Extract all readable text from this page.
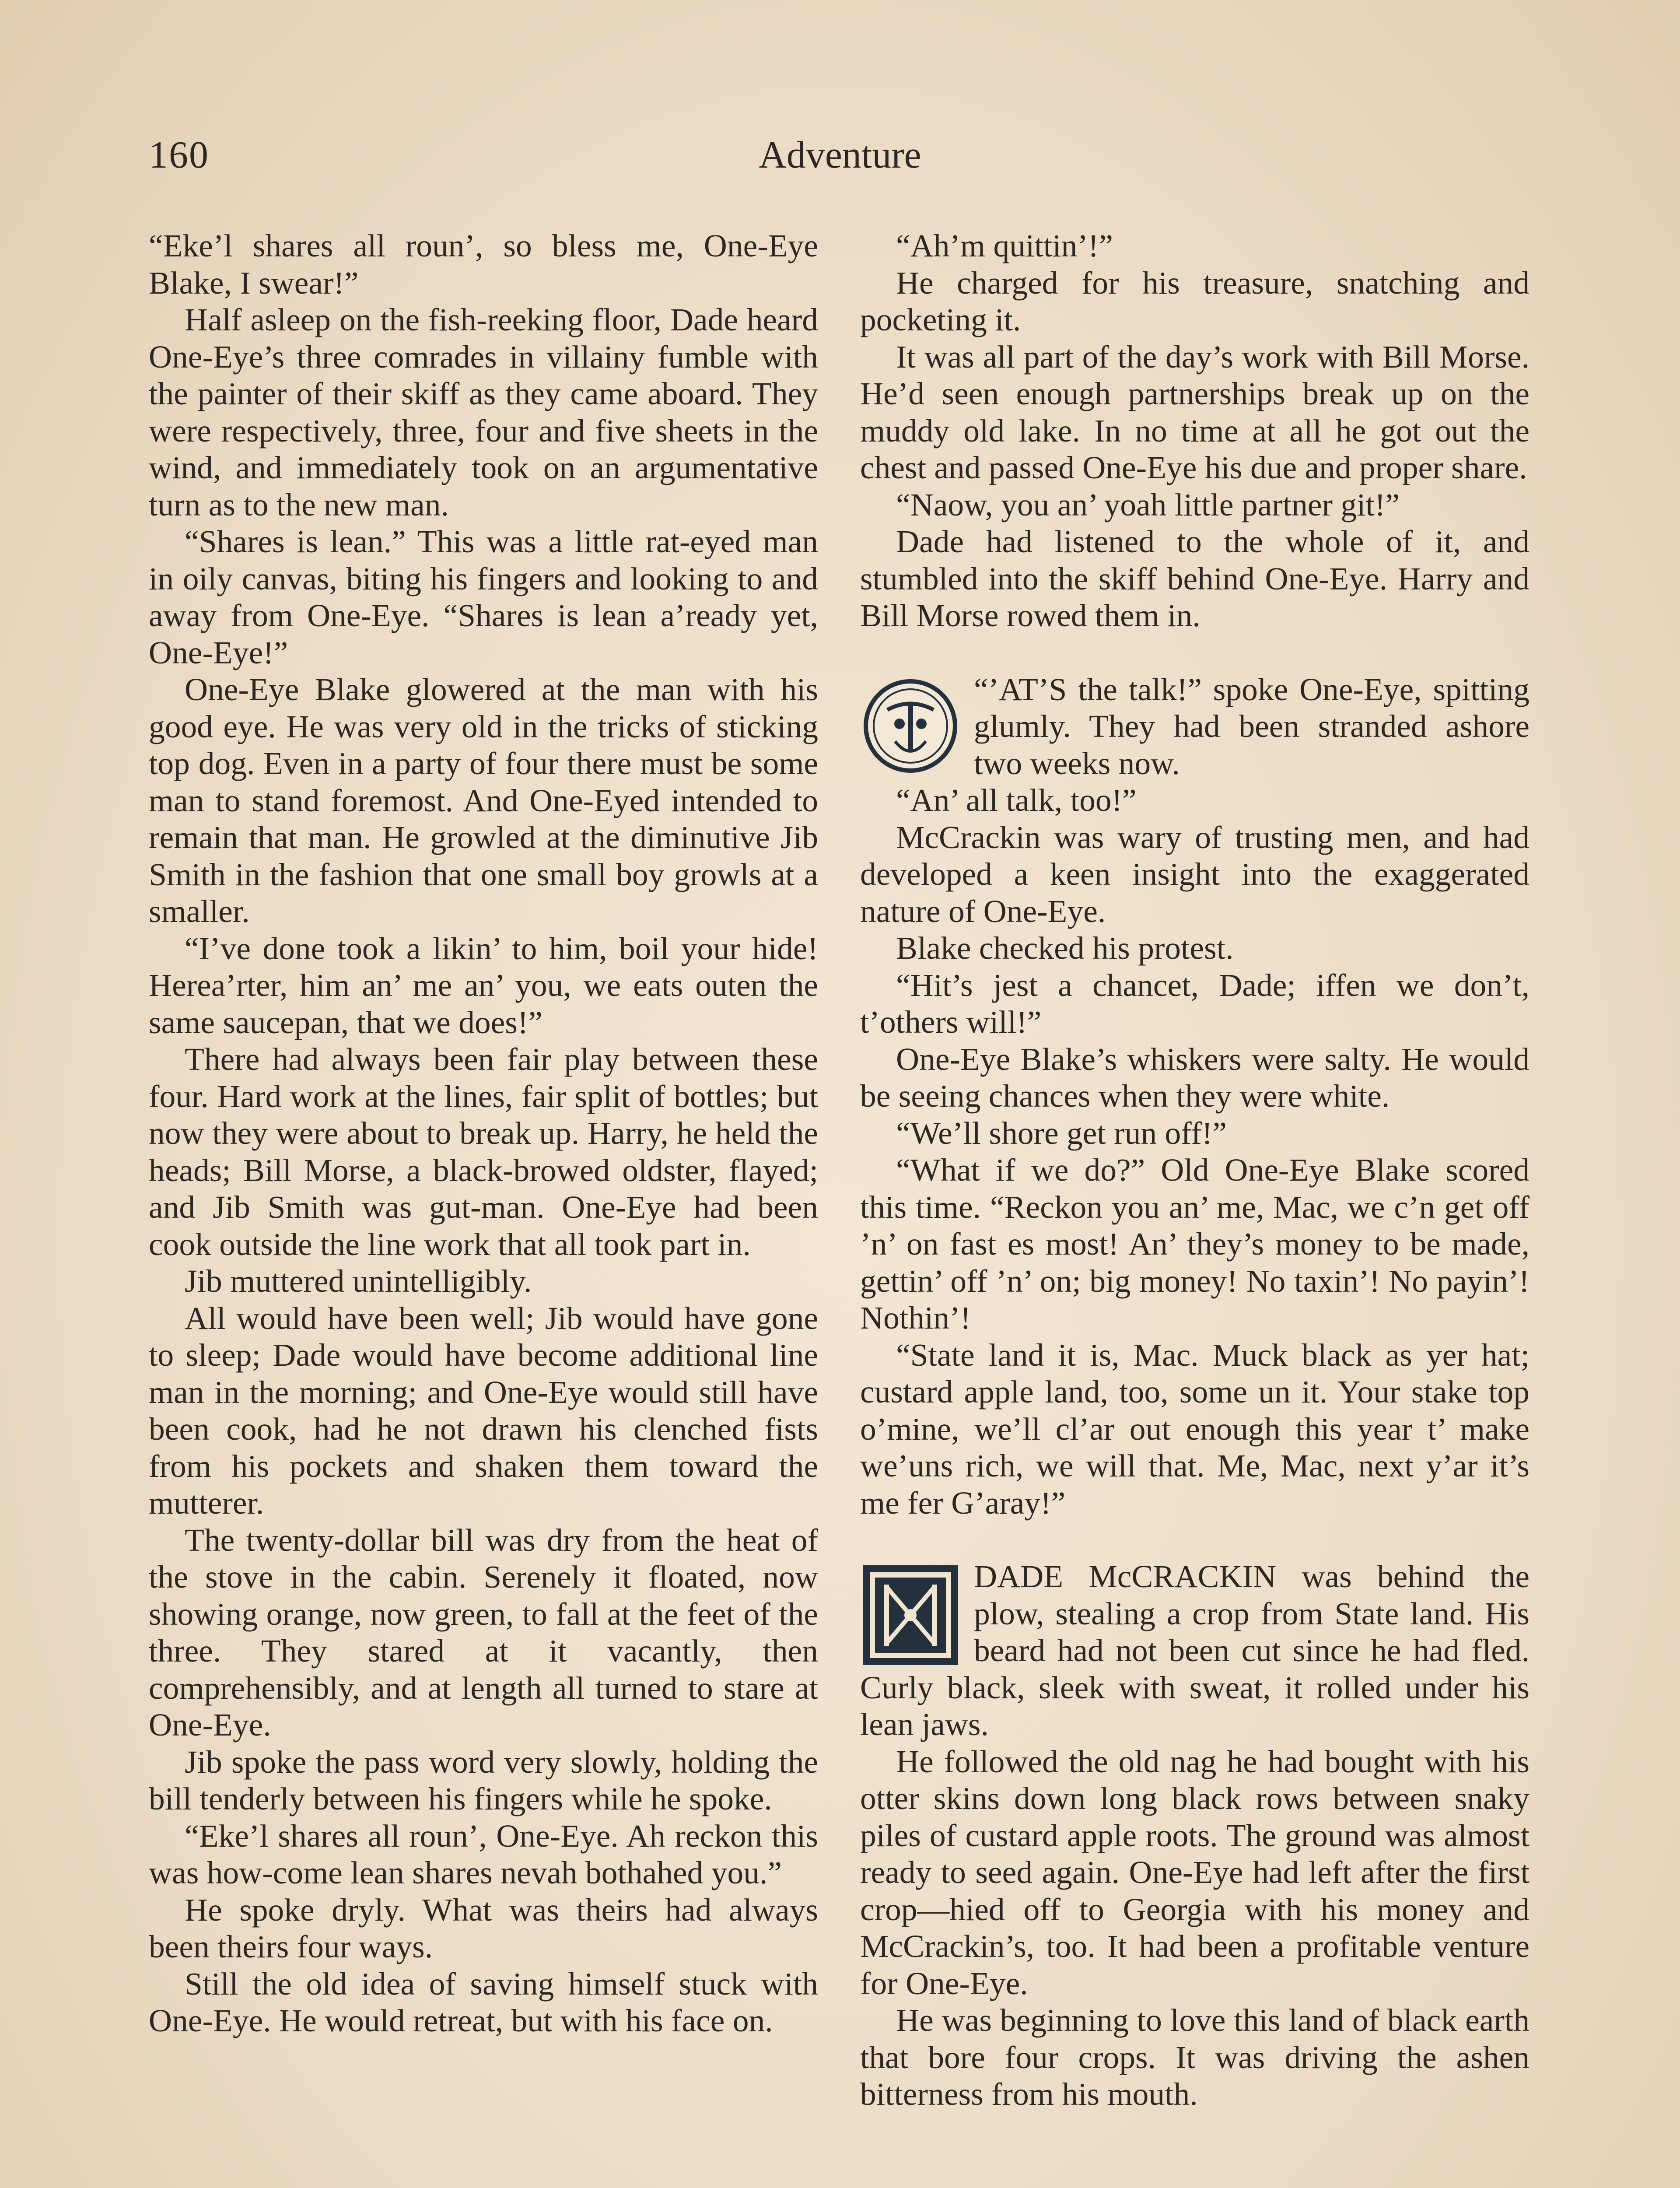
160	Adventure

“Eke’l shares all roun’, so bless me, One-Eye Blake, I swear!”

Half asleep on the fish-reeking floor, Dade heard One-Eye’s three comrades in villainy fumble with the painter of their skiff as they came aboard. They were respectively, three, four and five sheets in the wind, and immediately took on an argumentative turn as to the new man.

“Shares is lean.” This was a little rat-eyed man in oily canvas, biting his fingers and looking to and away from One-Eye. “Shares is lean a’ready yet, One-Eye!”

One-Eye Blake glowered at the man with his good eye. He was very old in the tricks of sticking top dog. Even in a party of four there must be some man to stand foremost. And One-Eyed intended to remain that man. He growled at the diminutive Jib Smith in the fashion that one small boy growls at a smaller.

“I’ve done took a likin’ to him, boil your hide! Herea’rter, him an’ me an’ you, we eats outen the same saucepan, that we does!”

There had always been fair play between these four. Hard work at the lines, fair split of bottles; but now they were about to break up. Harry, he held the heads; Bill Morse, a black-browed oldster, flayed; and Jib Smith was gut-man. One-Eye had been cook outside the line work that all took part in.

Jib muttered unintelligibly.

All would have been well; Jib would have gone to sleep; Dade would have become additional line man in the morning; and One-Eye would still have been cook, had he not drawn his clenched fists from his pockets and shaken them toward the mutterer.

The twenty-dollar bill was dry from the heat of the stove in the cabin. Serenely it floated, now showing orange, now green, to fall at the feet of the three. They stared at it vacantly, then comprehensibly, and at length all turned to stare at One-Eye.

Jib spoke the pass word very slowly, holding the bill tenderly between his fingers while he spoke.

“Eke’l shares all roun’, One-Eye. Ah reckon this was how-come lean shares nevah bothahed you.”

He spoke dryly. What was theirs had always been theirs four ways.

Still the old idea of saving himself stuck with One-Eye. He would retreat, but with his face on.

“Ah’m quittin’!”

He charged for his treasure, snatching and pocketing it.

It was all part of the day’s work with Bill Morse. He’d seen enough partnerships break up on the muddy old lake. In no time at all he got out the chest and passed One-Eye his due and proper share.

“Naow, you an’ yoah little partner git!”

Dade had listened to the whole of it, and stumbled into the skiff behind One-Eye. Harry and Bill Morse rowed them in.

“’AT’S the talk!” spoke One-Eye, spitting glumly. They had been stranded ashore two weeks now.

“An’ all talk, too!”

McCrackin was wary of trusting men, and had developed a keen insight into the exaggerated nature of One-Eye.

Blake checked his protest.

“Hit’s jest a chancet, Dade; iffen we don’t, t’others will!”

One-Eye Blake’s whiskers were salty. He would be seeing chances when they were white.

“We’ll shore get run off!”

“What if we do?” Old One-Eye Blake scored this time. “Reckon you an’ me, Mac, we c’n get off ’n’ on fast es most! An’ they’s money to be made, gettin’ off ’n’ on; big money! No taxin’! No payin’! Nothin’!

“State land it is, Mac. Muck black as yer hat; custard apple land, too, some un it. Your stake top o’mine, we’ll cl’ar out enough this year t’ make we’uns rich, we will that. Me, Mac, next y’ar it’s me fer G’aray!”

DADE McCRACKIN was behind the plow, stealing a crop from State land. His beard had not been cut since he had fled. Curly black, sleek with sweat, it rolled under his lean jaws.

He followed the old nag he had bought with his otter skins down long black rows between snaky piles of custard apple roots. The ground was almost ready to seed again. One-Eye had left after the first crop—hied off to Georgia with his money and McCrackin’s, too. It had been a profitable venture for One-Eye.

He was beginning to love this land of black earth that bore four crops. It was driving the ashen bitterness from his mouth.
